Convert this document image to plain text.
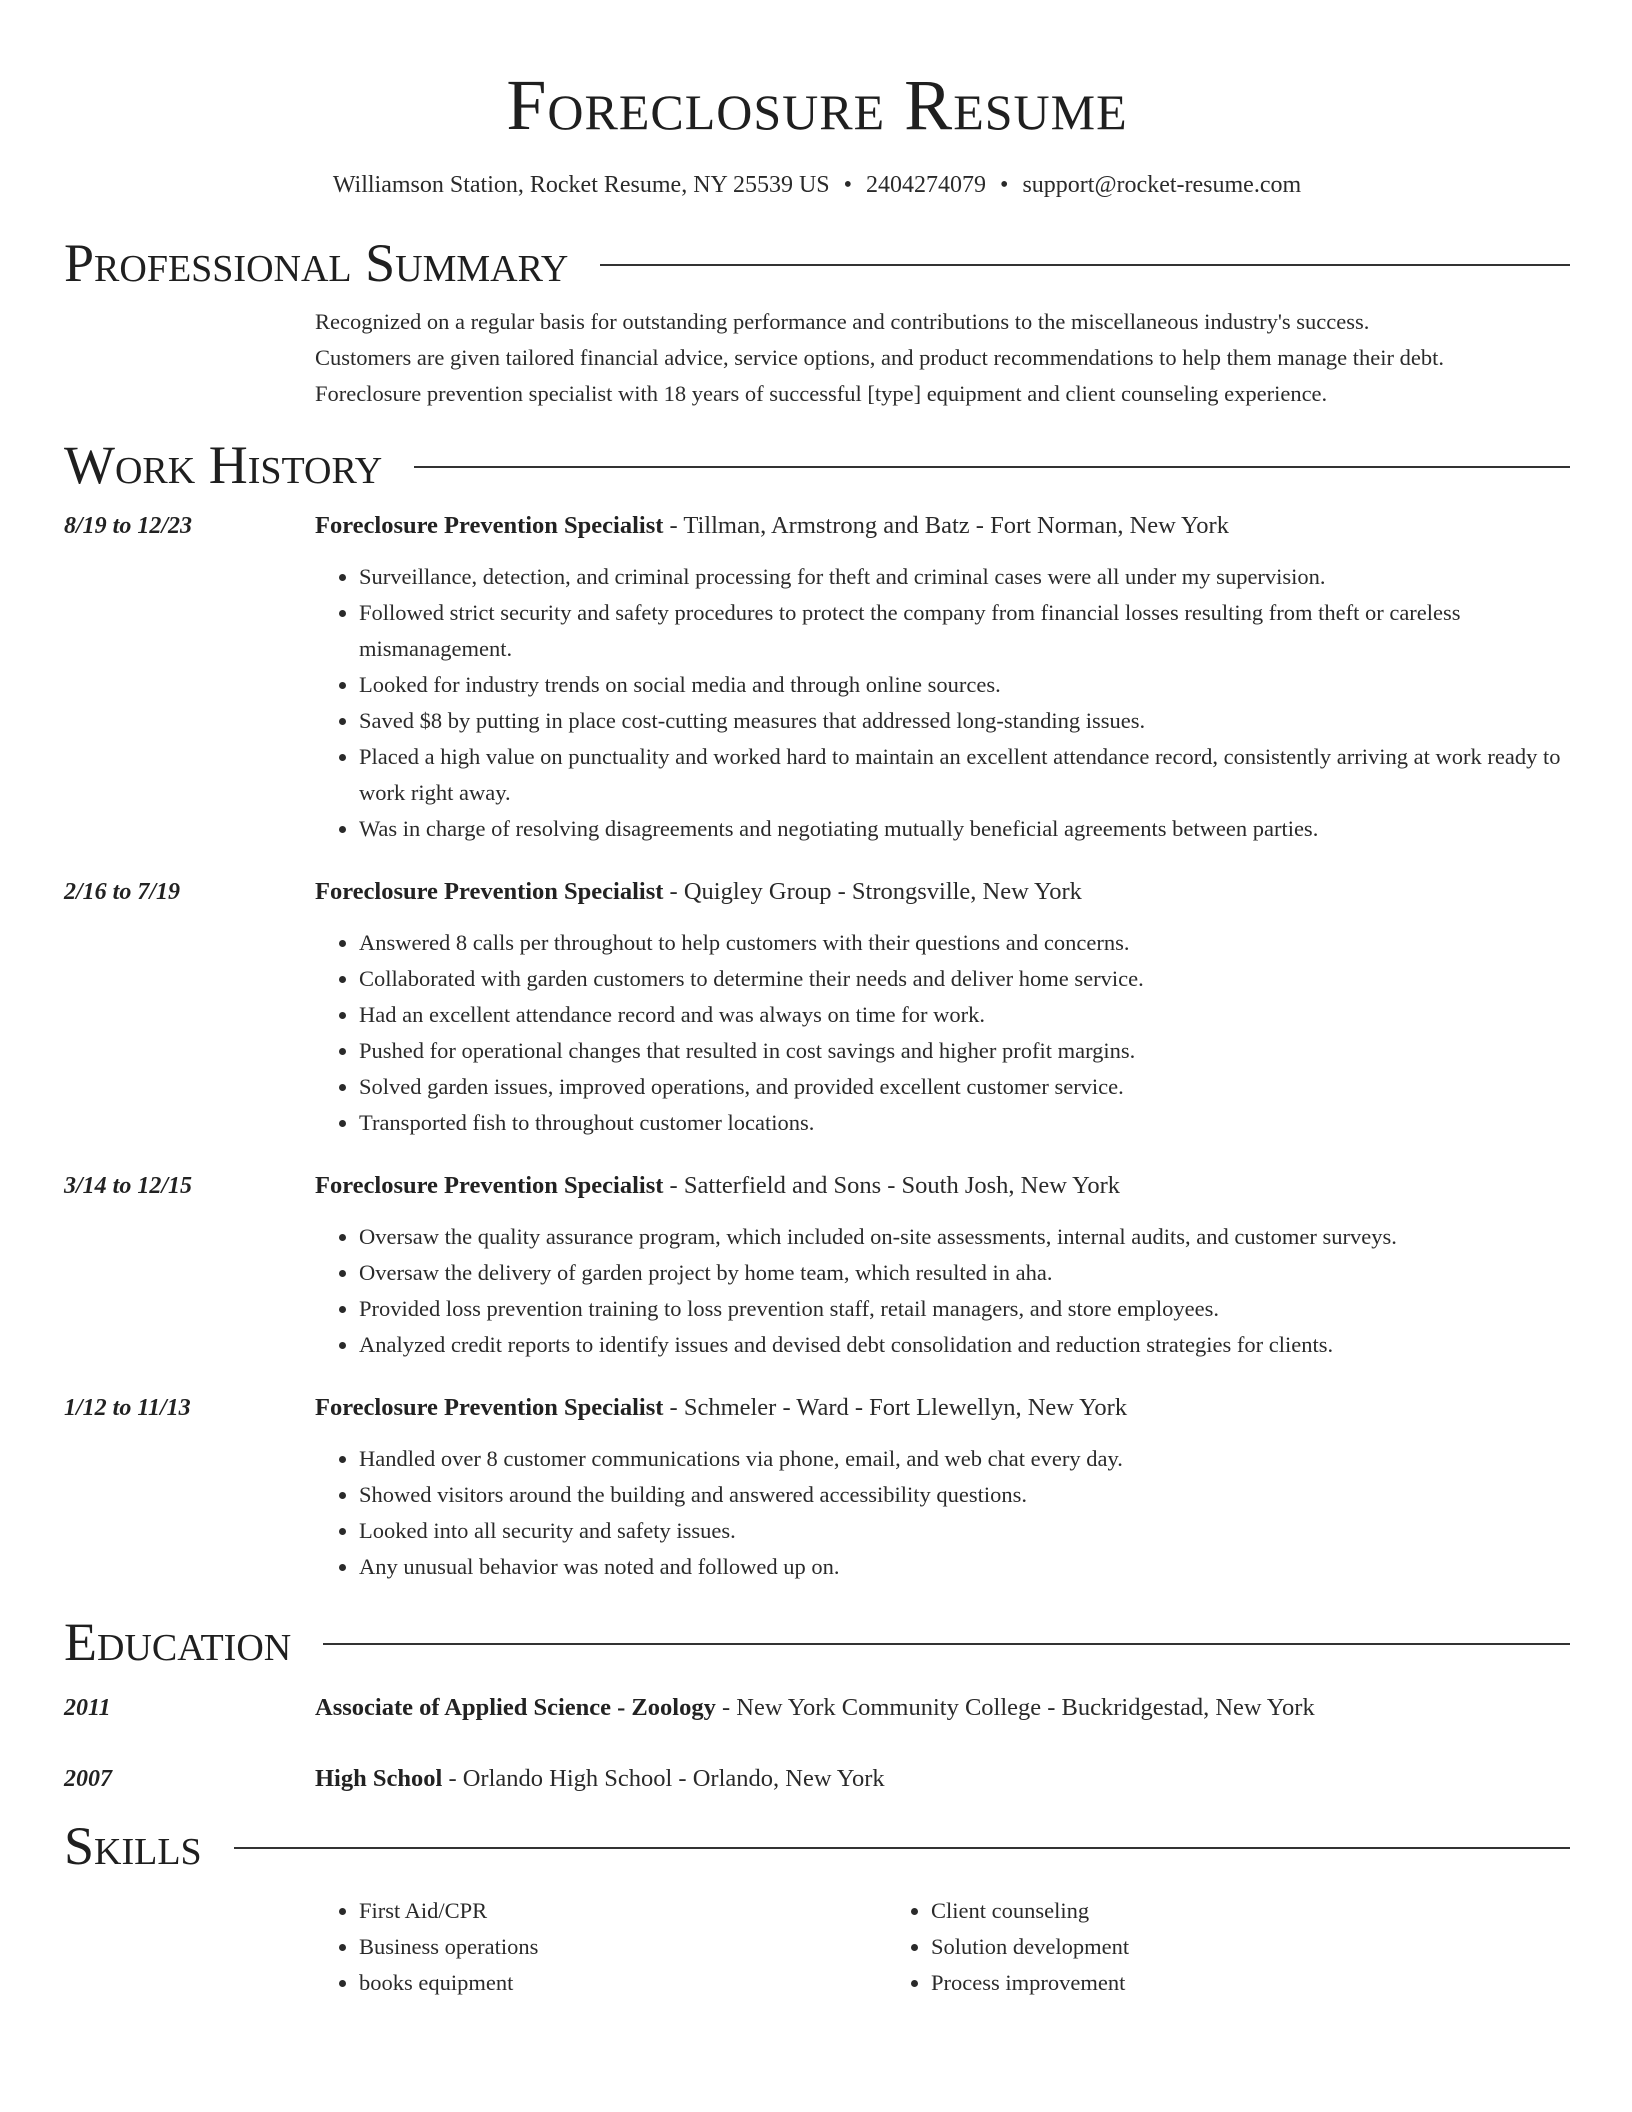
Foreclosure Resume
Williamson Station, Rocket Resume, NY 25539 US • 2404274079 • support@rocket-resume.com
Professional Summary
Recognized on a regular basis for outstanding performance and contributions to the miscellaneous industry's success.
Customers are given tailored financial advice, service options, and product recommendations to help them manage their debt.
Foreclosure prevention specialist with 18 years of successful [type] equipment and client counseling experience.
Work History
8/19 to 12/23	Foreclosure Prevention Specialist - Tillman, Armstrong and Batz - Fort Norman, New York
• Surveillance, detection, and criminal processing for theft and criminal cases were all under my supervision.
• Followed strict security and safety procedures to protect the company from financial losses resulting from theft or careless mismanagement.
• Looked for industry trends on social media and through online sources.
• Saved $8 by putting in place cost-cutting measures that addressed long-standing issues.
• Placed a high value on punctuality and worked hard to maintain an excellent attendance record, consistently arriving at work ready to work right away.
• Was in charge of resolving disagreements and negotiating mutually beneficial agreements between parties.
2/16 to 7/19	Foreclosure Prevention Specialist - Quigley Group - Strongsville, New York
• Answered 8 calls per throughout to help customers with their questions and concerns.
• Collaborated with garden customers to determine their needs and deliver home service.
• Had an excellent attendance record and was always on time for work.
• Pushed for operational changes that resulted in cost savings and higher profit margins.
• Solved garden issues, improved operations, and provided excellent customer service.
• Transported fish to throughout customer locations.
3/14 to 12/15	Foreclosure Prevention Specialist - Satterfield and Sons - South Josh, New York
• Oversaw the quality assurance program, which included on-site assessments, internal audits, and customer surveys.
• Oversaw the delivery of garden project by home team, which resulted in aha.
• Provided loss prevention training to loss prevention staff, retail managers, and store employees.
• Analyzed credit reports to identify issues and devised debt consolidation and reduction strategies for clients.
1/12 to 11/13	Foreclosure Prevention Specialist - Schmeler - Ward - Fort Llewellyn, New York
• Handled over 8 customer communications via phone, email, and web chat every day.
• Showed visitors around the building and answered accessibility questions.
• Looked into all security and safety issues.
• Any unusual behavior was noted and followed up on.
Education
2011	Associate of Applied Science - Zoology - New York Community College - Buckridgestad, New York
2007	High School - Orlando High School - Orlando, New York
Skills
• First Aid/CPR
• Business operations
• books equipment
• Client counseling
• Solution development
• Process improvement
